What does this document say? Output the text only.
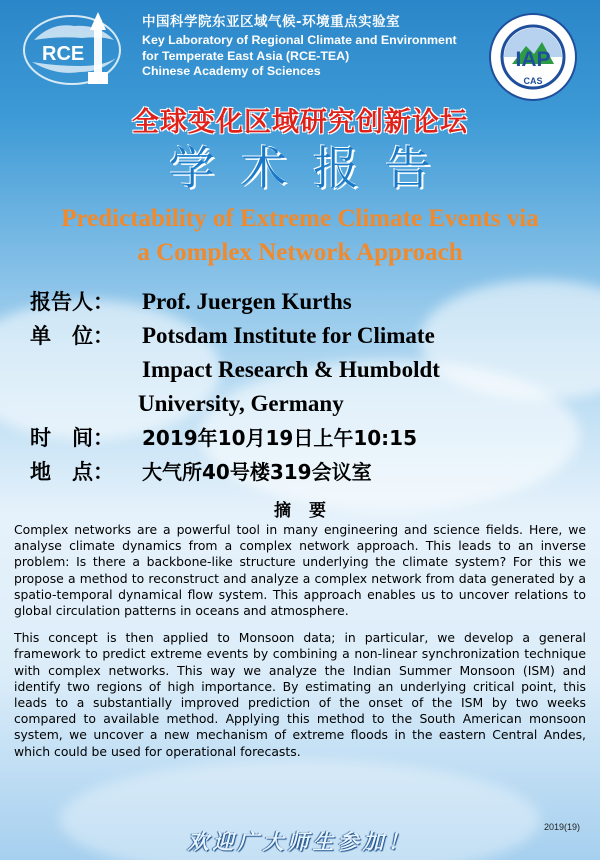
RCE
中国科学院东亚区域气候-环境重点实验室
Key Laboratory of Regional Climate and Environment
for Temperate East Asia (RCE-TEA)
Chinese Academy of Sciences	IAP
CAS
全球变化区域研究创新论坛
学术报告
Predictability of Extreme Climate Events via
a Complex Network Approach
报告人：	Prof. Juergen Kurths
单　位：	Potsdam Institute for Climate
Impact Research & Humboldt
University, Germany
时　间：	2019年10月19日上午10:15
地　点：	大气所40号楼319会议室
摘要

Complex networks are a powerful tool in many engineering and science fields. Here, we analyse climate dynamics from a complex network approach. This leads to an inverse problem: Is there a backbone-like structure underlying the climate system? For this we propose a method to reconstruct and analyze a complex network from data generated by a spatio-temporal dynamical flow system. This approach enables us to uncover relations to global circulation patterns in oceans and atmosphere.

This concept is then applied to Monsoon data; in particular, we develop a general framework to predict extreme events by combining a non-linear synchronization technique with complex networks. This way we analyze the Indian Summer Monsoon (ISM) and identify two regions of high importance. By estimating an underlying critical point, this leads to a substantially improved prediction of the onset of the ISM by two weeks compared to available method. Applying this method to the South American monsoon system, we uncover a new mechanism of extreme floods in the eastern Central Andes, which could be used for operational forecasts.

欢迎广大师生参加！
2019(19)
